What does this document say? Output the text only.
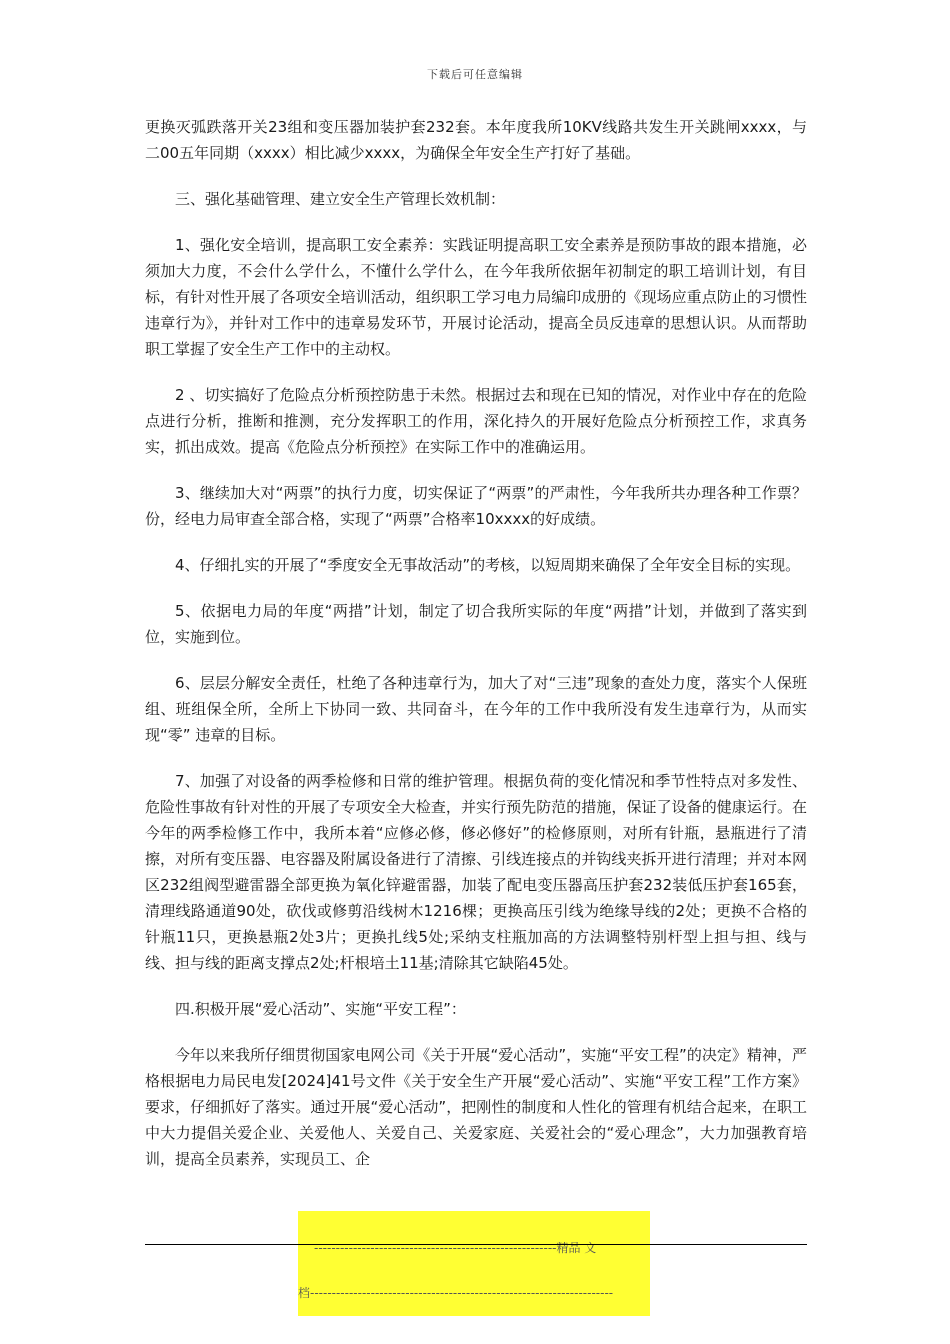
下载后可任意编辑

更换灭弧跌落开关23组和变压器加装护套232套。本年度我所10KV线路共发生开关跳闸xxxx，与二00五年同期（xxxx）相比减少xxxx，为确保全年安全生产打好了基础。

三、强化基础管理、建立安全生产管理长效机制：

1、强化安全培训，提高职工安全素养：实践证明提高职工安全素养是预防事故的跟本措施，必须加大力度，不会什么学什么，不懂什么学什么，在今年我所依据年初制定的职工培训计划，有目标，有针对性开展了各项安全培训活动，组织职工学习电力局编印成册的《现场应重点防止的习惯性违章行为》，并针对工作中的违章易发环节，开展讨论活动，提高全员反违章的思想认识。从而帮助职工掌握了安全生产工作中的主动权。

2 、切实搞好了危险点分析预控防患于未然。根据过去和现在已知的情况，对作业中存在的危险点进行分析，推断和推测，充分发挥职工的作用，深化持久的开展好危险点分析预控工作，求真务实，抓出成效。提高《危险点分析预控》在实际工作中的准确运用。

3、继续加大对“两票”的执行力度，切实保证了“两票”的严肃性，今年我所共办理各种工作票？份，经电力局审查全部合格，实现了“两票”合格率10xxxx的好成绩。

4、仔细扎实的开展了“季度安全无事故活动”的考核，以短周期来确保了全年安全目标的实现。

5、依据电力局的年度“两措”计划，制定了切合我所实际的年度“两措”计划，并做到了落实到位，实施到位。

6、层层分解安全责任，杜绝了各种违章行为，加大了对“三违”现象的查处力度，落实个人保班组、班组保全所，全所上下协同一致、共同奋斗，在今年的工作中我所没有发生违章行为，从而实现“零” 违章的目标。

7、加强了对设备的两季检修和日常的维护管理。根据负荷的变化情况和季节性特点对多发性、危险性事故有针对性的开展了专项安全大检查，并实行预先防范的措施，保证了设备的健康运行。在今年的两季检修工作中，我所本着“应修必修，修必修好”的检修原则，对所有针瓶，悬瓶进行了清擦，对所有变压器、电容器及附属设备进行了清擦、引线连接点的并钩线夹拆开进行清理；并对本网区232组阀型避雷器全部更换为氧化锌避雷器，加装了配电变压器高压护套232装低压护套165套，清理线路通道90处，砍伐或修剪沿线树木1216棵；更换高压引线为绝缘导线的2处；更换不合格的针瓶11只，更换悬瓶2处3片；更换扎线5处;采纳支柱瓶加高的方法调整特别杆型上担与担、线与线、担与线的距离支撑点2处;杆根培土11基;清除其它缺陷45处。

四.积极开展“爱心活动”、实施“平安工程”：

今年以来我所仔细贯彻国家电网公司《关于开展“爱心活动”，实施“平安工程”的决定》精神，严格根据电力局民电发[2024]41号文件《关于安全生产开展“爱心活动”、实施“平安工程”工作方案》要求，仔细抓好了落实。通过开展“爱心活动”，把刚性的制度和人性化的管理有机结合起来，在职工中大力提倡关爱企业、关爱他人、关爱自己、关爱家庭、关爱社会的“爱心理念”，大力加强教育培训，提高全员素养，实现员工、企

--------------------------------------------------------精品 文

档----------------------------------------------------------------------
